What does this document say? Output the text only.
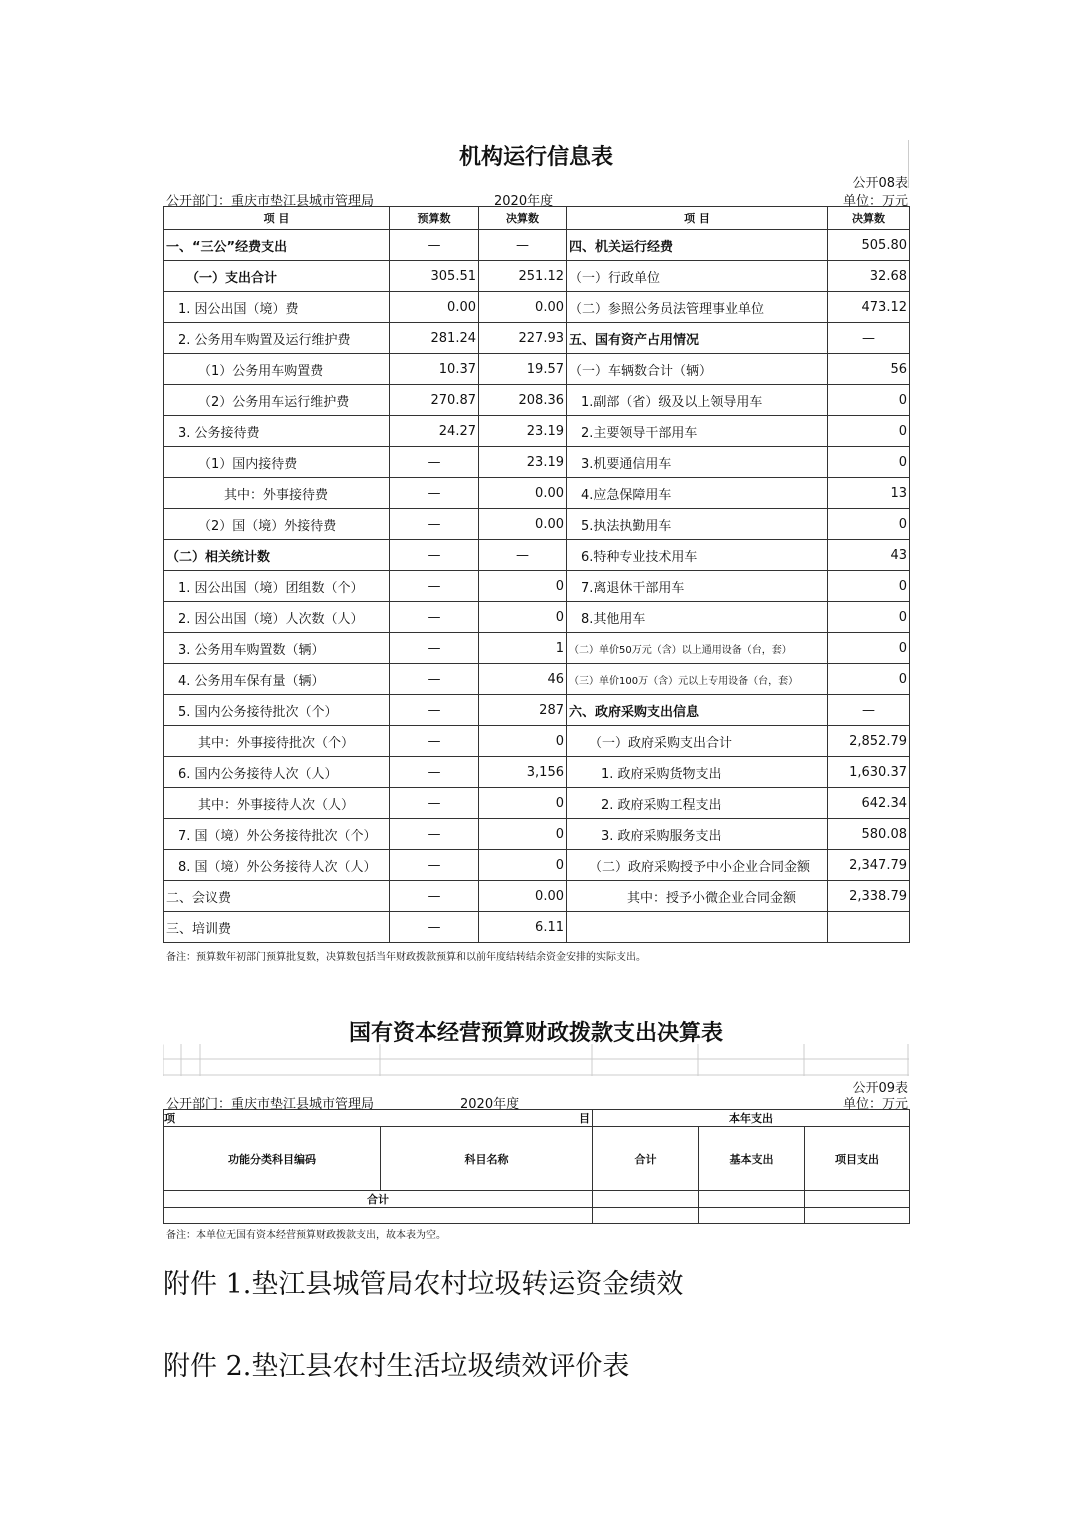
机构运行信息表
公开08表
公开部门：重庆市垫江县城市管理局	2020年度	单位：万元
项 目	预算数	决算数	项 目	决算数
一、“三公”经费支出	—	—	四、机关运行经费	505.80
（一）支出合计	305.51	251.12	（一）行政单位	32.68
1. 因公出国（境）费	0.00	0.00	（二）参照公务员法管理事业单位	473.12
2. 公务用车购置及运行维护费	281.24	227.93	五、国有资产占用情况	—
（1）公务用车购置费	10.37	19.57	（一）车辆数合计（辆）	56
（2）公务用车运行维护费	270.87	208.36	1.副部（省）级及以上领导用车	0
3. 公务接待费	24.27	23.19	2.主要领导干部用车	0
（1）国内接待费	—	23.19	3.机要通信用车	0
其中：外事接待费	—	0.00	4.应急保障用车	13
（2）国（境）外接待费	—	0.00	5.执法执勤用车	0
（二）相关统计数	—	—	6.特种专业技术用车	43
1. 因公出国（境）团组数（个）	—	0	7.离退休干部用车	0
2. 因公出国（境）人次数（人）	—	0	8.其他用车	0
3. 公务用车购置数（辆）	—	1	（二）单价50万元（含）以上通用设备（台，套）	0
4. 公务用车保有量（辆）	—	46	（三）单价100万（含）元以上专用设备（台，套）	0
5. 国内公务接待批次（个）	—	287	六、政府采购支出信息	—
其中：外事接待批次（个）	—	0	（一）政府采购支出合计	2,852.79
6. 国内公务接待人次（人）	—	3,156	1. 政府采购货物支出	1,630.37
其中：外事接待人次（人）	—	0	2. 政府采购工程支出	642.34
7. 国（境）外公务接待批次（个）	—	0	3. 政府采购服务支出	580.08
8. 国（境）外公务接待人次（人）	—	0	（二）政府采购授予中小企业合同金额	2,347.79
二、会议费	—	0.00	其中：授予小微企业合同金额	2,338.79
三、培训费	—	6.11		
备注：预算数年初部门预算批复数，决算数包括当年财政拨款预算和以前年度结转结余资金安排的实际支出。
国有资本经营预算财政拨款支出决算表
公开09表
公开部门：重庆市垫江县城市管理局	2020年度	单位：万元
项 目		本年支出		
功能分类科目编码	科目名称	合计	基本支出	项目支出
合计				

备注：本单位无国有资本经营预算财政拨款支出，故本表为空。
附件 1.垫江县城管局农村垃圾转运资金绩效
附件 2.垫江县农村生活垃圾绩效评价表
